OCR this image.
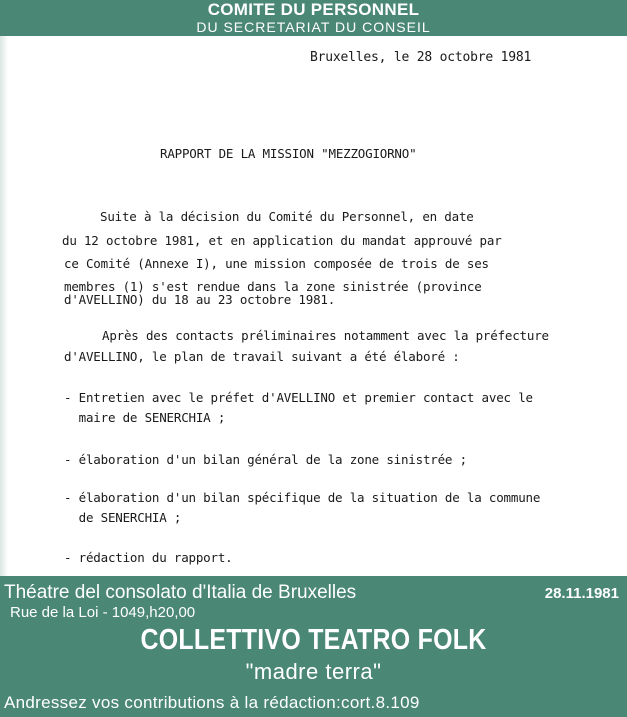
COMITE DU PERSONNEL
DU SECRETARIAT DU CONSEIL
Bruxelles, le 28 octobre 1981
RAPPORT DE LA MISSION "MEZZOGIORNO"
Suite à la décision du Comité du Personnel, en date
du 12 octobre 1981, et en application du mandat approuvé par
ce Comité (Annexe I), une mission composée de trois de ses
membres (1) s'est rendue dans la zone sinistrée (province
d'AVELLINO) du 18 au 23 octobre 1981.
Après des contacts préliminaires notamment avec la préfecture
d'AVELLINO, le plan de travail suivant a été élaboré :
- Entretien avec le préfet d'AVELLINO et premier contact avec le
maire de SENERCHIA ;
- élaboration d'un bilan général de la zone sinistrée ;
- élaboration d'un bilan spécifique de la situation de la commune
de SENERCHIA ;
- rédaction du rapport.
Théatre del consolato d'Italia de Bruxelles	28.11.1981
Rue de la Loi - 1049,h20,00
COLLETTIVO TEATRO FOLK
"madre terra"
Andressez vos contributions à la rédaction:cort.8.109
